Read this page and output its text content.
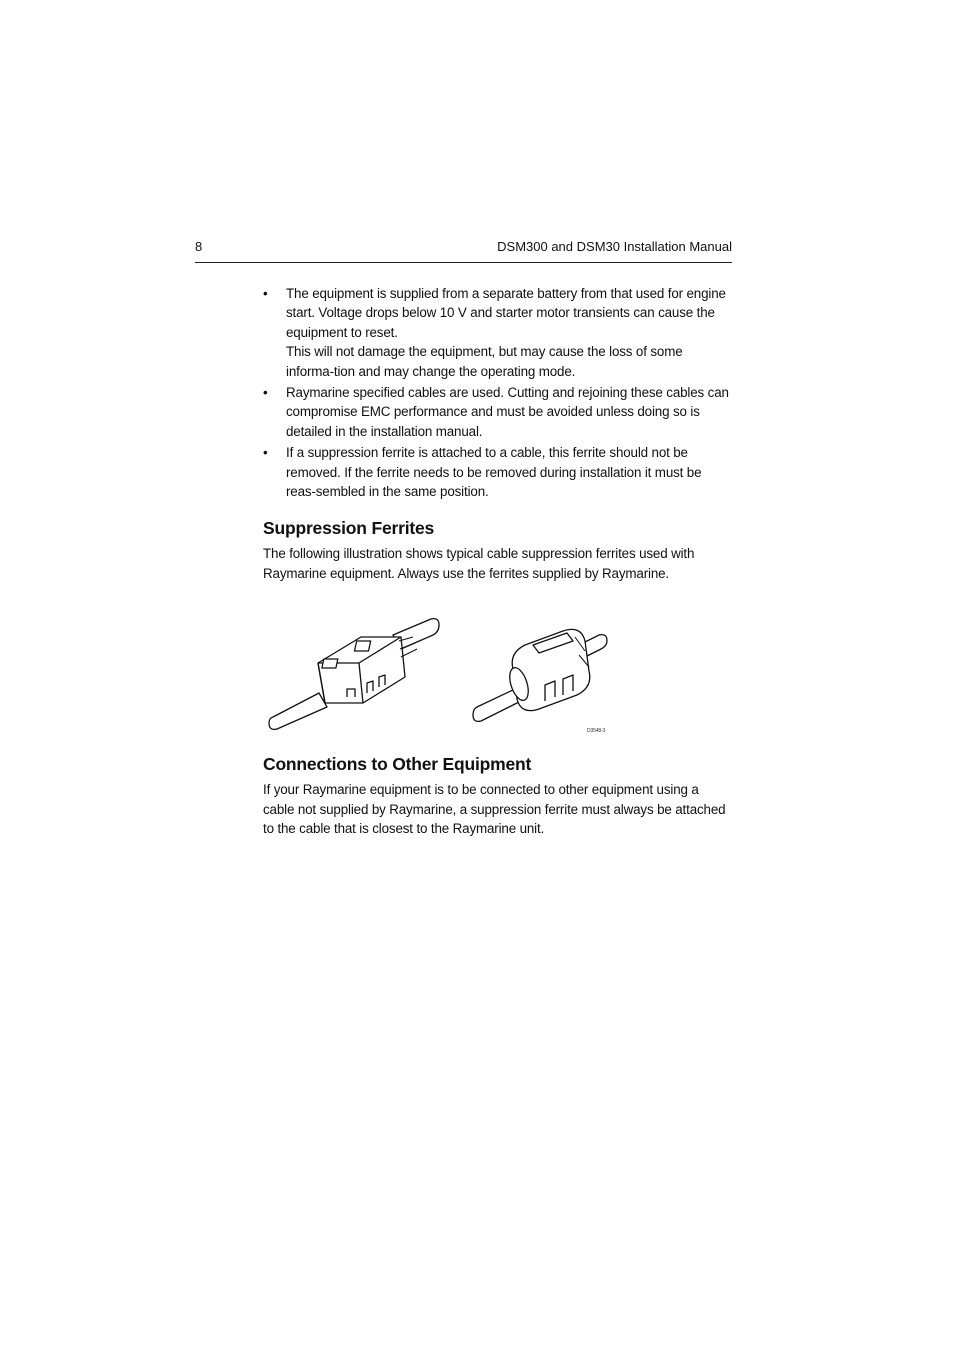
8	DSM300 and DSM30 Installation Manual
• The equipment is supplied from a separate battery from that used for engine start. Voltage drops below 10 V and starter motor transients can cause the equipment to reset.

This will not damage the equipment, but may cause the loss of some informa-tion and may change the operating mode.

• Raymarine specified cables are used. Cutting and rejoining these cables can compromise EMC performance and must be avoided unless doing so is detailed in the installation manual.

• If a suppression ferrite is attached to a cable, this ferrite should not be removed. If the ferrite needs to be removed during installation it must be reas-sembled in the same position.

Suppression Ferrites

The following illustration shows typical cable suppression ferrites used with Raymarine equipment. Always use the ferrites supplied by Raymarine.

D3548-3
Connections to Other Equipment

If your Raymarine equipment is to be connected to other equipment using a cable not supplied by Raymarine, a suppression ferrite must always be attached to the cable that is closest to the Raymarine unit.
